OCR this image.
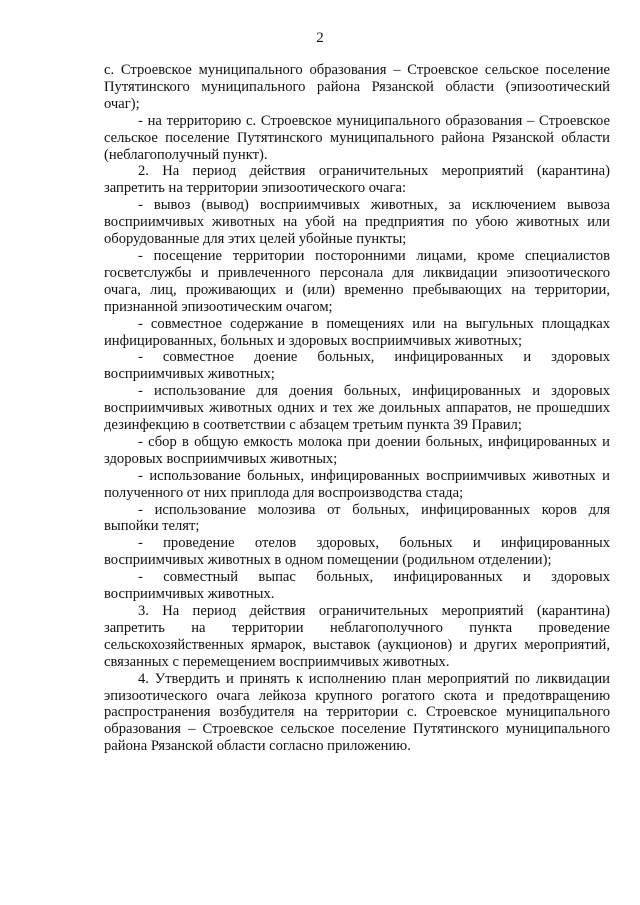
2

с. Строевское муниципального образования – Строевское сельское поселение Путятинского муниципального района Рязанской области (эпизоотический очаг);

- на территорию с. Строевское муниципального образования – Строевское сельское поселение Путятинского муниципального района Рязанской области (неблагополучный пункт).

2. На период действия ограничительных мероприятий (карантина) запретить на территории эпизоотического очага:

- вывоз (вывод) восприимчивых животных, за исключением вывоза восприимчивых животных на убой на предприятия по убою животных или оборудованные для этих целей убойные пункты;

- посещение территории посторонними лицами, кроме специалистов госветслужбы и привлеченного персонала для ликвидации эпизоотического очага, лиц, проживающих и (или) временно пребывающих на территории, признанной эпизоотическим очагом;

- совместное содержание в помещениях или на выгульных площадках инфицированных, больных и здоровых восприимчивых животных;

- совместное доение больных, инфицированных и здоровых восприимчивых животных;

- использование для доения больных, инфицированных и здоровых восприимчивых животных одних и тех же доильных аппаратов, не прошедших дезинфекцию в соответствии с абзацем третьим пункта 39 Правил;

- сбор в общую емкость молока при доении больных, инфицированных и здоровых восприимчивых животных;

- использование больных, инфицированных восприимчивых животных и полученного от них приплода для воспроизводства стада;

- использование молозива от больных, инфицированных коров для выпойки телят;

- проведение отелов здоровых, больных и инфицированных восприимчивых животных в одном помещении (родильном отделении);

- совместный выпас больных, инфицированных и здоровых восприимчивых животных.

3. На период действия ограничительных мероприятий (карантина) запретить на территории неблагополучного пункта проведение сельскохозяйственных ярмарок, выставок (аукционов) и других мероприятий, связанных с перемещением восприимчивых животных.

4. Утвердить и принять к исполнению план мероприятий по ликвидации эпизоотического очага лейкоза крупного рогатого скота и предотвращению распространения возбудителя на территории с. Строевское муниципального образования – Строевское сельское поселение Путятинского муниципального района Рязанской области согласно приложению.
